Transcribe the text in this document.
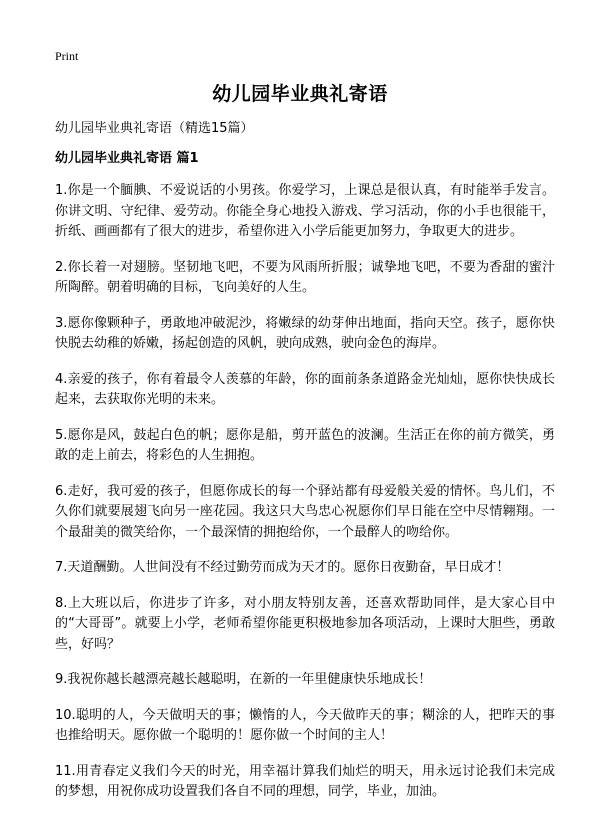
Print
幼儿园毕业典礼寄语
幼儿园毕业典礼寄语（精选15篇）
幼儿园毕业典礼寄语 篇1

1.你是一个腼腆、不爱说话的小男孩。你爱学习，上课总是很认真，有时能举手发言。你讲文明、守纪律、爱劳动。你能全身心地投入游戏、学习活动，你的小手也很能干，折纸、画画都有了很大的进步，希望你进入小学后能更加努力，争取更大的进步。

2.你长着一对翅膀。坚韧地飞吧，不要为风雨所折服；诚挚地飞吧，不要为香甜的蜜汁所陶醉。朝着明确的目标，飞向美好的人生。

3.愿你像颗种子，勇敢地冲破泥沙，将嫩绿的幼芽伸出地面，指向天空。孩子，愿你快快脱去幼稚的娇嫩，扬起创造的风帆，驶向成熟，驶向金色的海岸。

4.亲爱的孩子，你有着最令人羡慕的年龄，你的面前条条道路金光灿灿，愿你快快成长起来，去获取你光明的未来。

5.愿你是风，鼓起白色的帆；愿你是船，剪开蓝色的波澜。生活正在你的前方微笑，勇敢的走上前去，将彩色的人生拥抱。

6.走好，我可爱的孩子，但愿你成长的每一个驿站都有母爱般关爱的情怀。鸟儿们，不久你们就要展翅飞向另一座花园。我这只大鸟忠心祝愿你们早日能在空中尽情翱翔。一个最甜美的微笑给你，一个最深情的拥抱给你，一个最醉人的吻给你。

7.天道酬勤。人世间没有不经过勤劳而成为天才的。愿你日夜勤奋，早日成才！

8.上大班以后，你进步了许多，对小朋友特别友善，还喜欢帮助同伴，是大家心目中的“大哥哥”。就要上小学，老师希望你能更积极地参加各项活动，上课时大胆些，勇敢些，好吗？

9.我祝你越长越漂亮越长越聪明，在新的一年里健康快乐地成长！

10.聪明的人，今天做明天的事；懒惰的人，今天做昨天的事；糊涂的人，把昨天的事也推给明天。愿你做一个聪明的！愿你做一个时间的主人！

11.用青春定义我们今天的时光，用幸福计算我们灿烂的明天，用永远讨论我们未完成的梦想，用祝你成功设置我们各自不同的理想，同学，毕业，加油。
